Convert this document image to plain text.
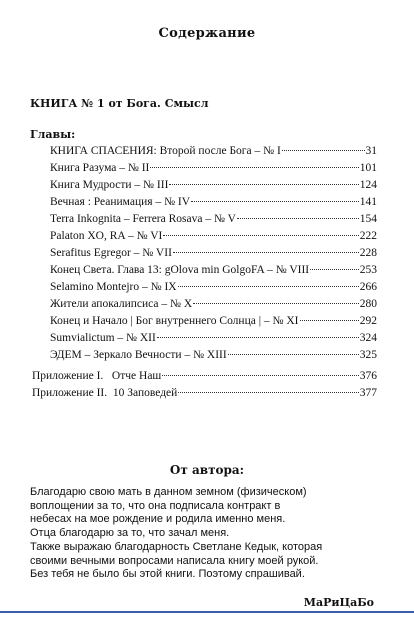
Содержание
КНИГА № 1 от Бога. Смысл
Главы:
КНИГА СПАСЕНИЯ: Второй после Бога – № I	31
Книга Разума – № II	101
Книга Мудрости – № III	124
Вечная : Реанимация – № IV	141
Terra Inkognita – Ferrera Rosava – № V	154
Palaton XO, RA – № VI	222
Serafitus Egregor – № VII	228
Конец Света. Глава 13: gOlova min GolgoFA – № VIII	253
Selamino Montejro – № IX	266
Жители апокалипсиса – № X	280
Конец и Начало | Бог внутреннего Солнца | – № XI	292
Sumvialictum – № XII	324
ЭДЕМ – Зеркало Вечности – № XIII	325
Приложение I.   Отче Наш	376
Приложение II.  10 Заповедей	377
От автора:
Благодарю свою мать в данном земном (физическом)
воплощении за то, что она подписала контракт в
небесах на мое рождение и родила именно меня.
Отца благодарю за то, что зачал меня.
Также выражаю благодарность Светлане Кедык, которая
своими вечными вопросами написала книгу моей рукой.
Без тебя не было бы этой книги. Поэтому спрашивай.
МаРиЦаБо
